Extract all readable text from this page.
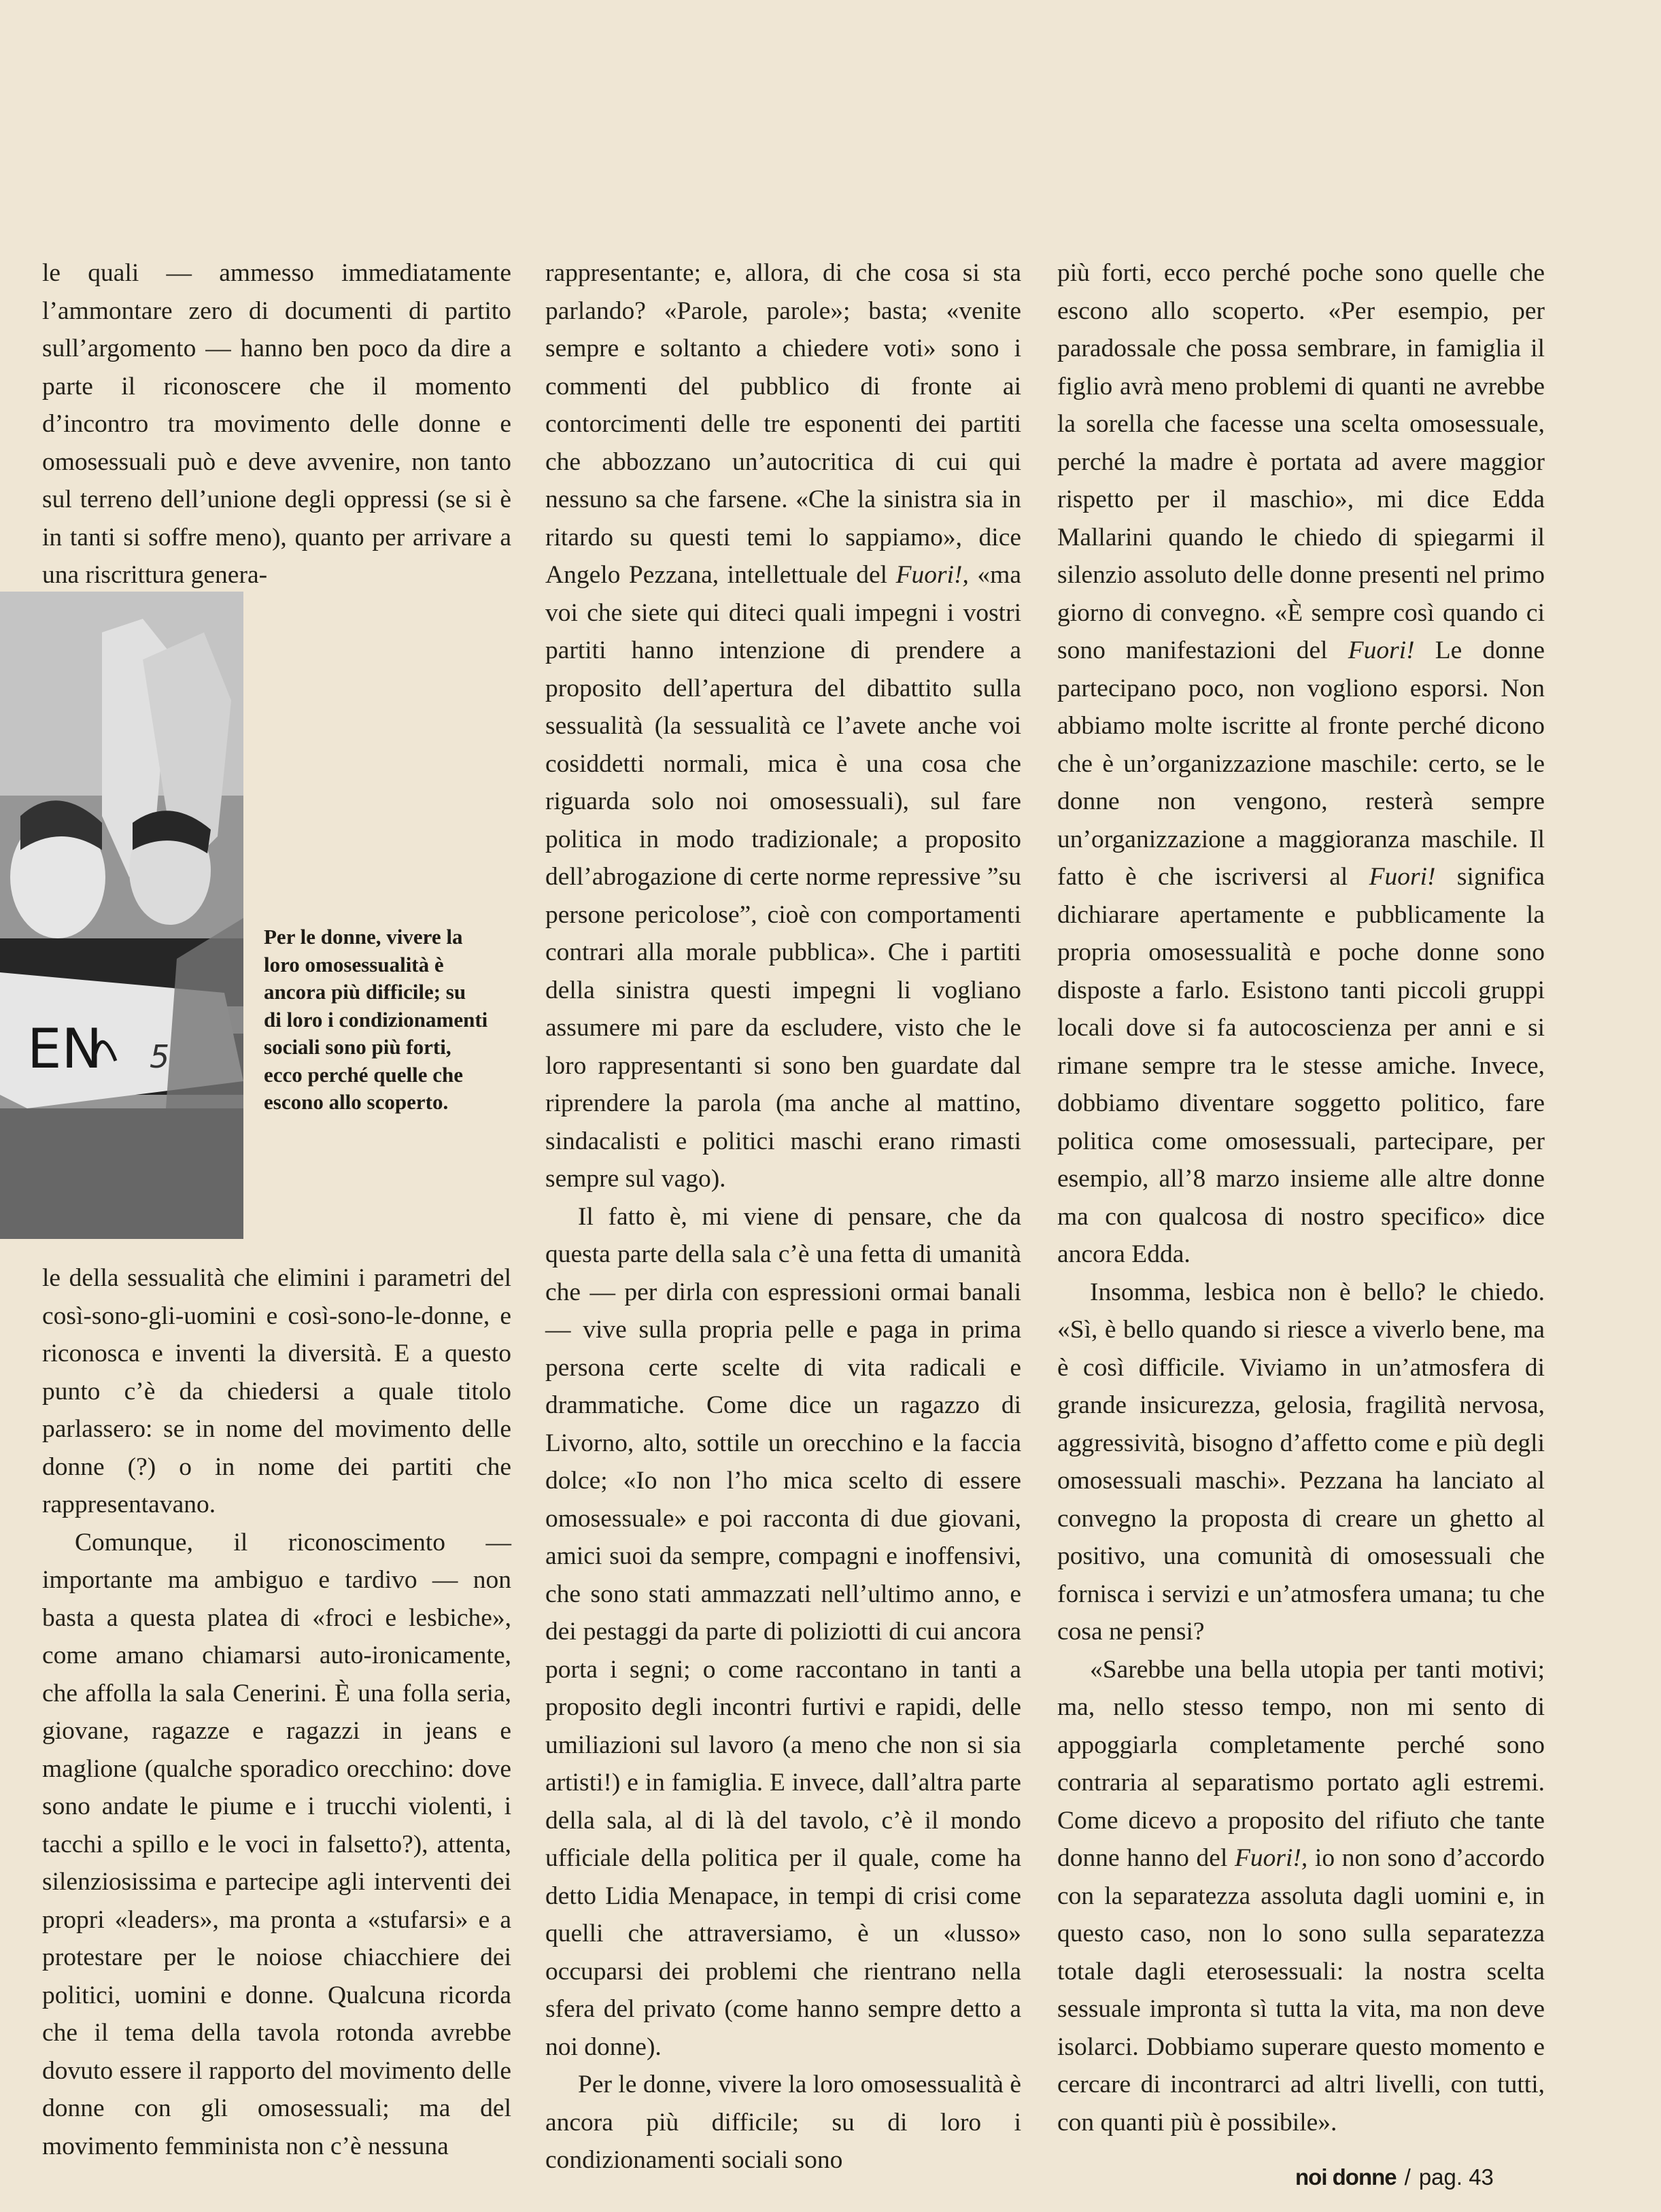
le quali — ammesso immediatamente l’ammontare zero di documenti di partito sull’argomento — hanno ben poco da dire a parte il riconoscere che il momento d’incontro tra movimento delle donne e omosessuali può e deve avvenire, non tanto sul terreno dell’unione degli oppressi (se si è in tanti si soffre meno), quanto per arrivare a una riscrittura genera-

EN 5
Per le donne, vivere la loro omosessualità è ancora più difficile; su di loro i condizionamenti sociali sono più forti, ecco perché quelle che escono allo scoperto.

le della sessualità che elimini i parametri del così-sono-gli-uomini e così-sono-le-donne, e riconosca e inventi la diversità. E a questo punto c’è da chiedersi a quale titolo parlassero: se in nome del movimento delle donne (?) o in nome dei partiti che rappresentavano.

Comunque, il riconoscimento — importante ma ambiguo e tardivo — non basta a questa platea di «froci e lesbiche», come amano chiamarsi auto-ironicamente, che affolla la sala Cenerini. È una folla seria, giovane, ragazze e ragazzi in jeans e maglione (qualche sporadico orecchino: dove sono andate le piume e i trucchi violenti, i tacchi a spillo e le voci in falsetto?), attenta, silenziosissima e partecipe agli interventi dei propri «leaders», ma pronta a «stufarsi» e a protestare per le noiose chiacchiere dei politici, uomini e donne. Qualcuna ricorda che il tema della tavola rotonda avrebbe dovuto essere il rapporto del movimento delle donne con gli omosessuali; ma del movimento femminista non c’è nessuna

rappresentante; e, allora, di che cosa si sta parlando? «Parole, parole»; basta; «venite sempre e soltanto a chiedere voti» sono i commenti del pubblico di fronte ai contorcimenti delle tre esponenti dei partiti che abbozzano un’autocritica di cui qui nessuno sa che farsene. «Che la sinistra sia in ritardo su questi temi lo sappiamo», dice Angelo Pezzana, intellettuale del Fuori!, «ma voi che siete qui diteci quali impegni i vostri partiti hanno intenzione di prendere a proposito dell’apertura del dibattito sulla sessualità (la sessualità ce l’avete anche voi cosiddetti normali, mica è una cosa che riguarda solo noi omosessuali), sul fare politica in modo tradizionale; a proposito dell’abrogazione di certe norme repressive ”su persone pericolose”, cioè con comportamenti contrari alla morale pubblica». Che i partiti della sinistra questi impegni li vogliano assumere mi pare da escludere, visto che le loro rappresentanti si sono ben guardate dal riprendere la parola (ma anche al mattino, sindacalisti e politici maschi erano rimasti sempre sul vago).

Il fatto è, mi viene di pensare, che da questa parte della sala c’è una fetta di umanità che — per dirla con espressioni ormai banali — vive sulla propria pelle e paga in prima persona certe scelte di vita radicali e drammatiche. Come dice un ragazzo di Livorno, alto, sottile un orecchino e la faccia dolce; «Io non l’ho mica scelto di essere omosessuale» e poi racconta di due giovani, amici suoi da sempre, compagni e inoffensivi, che sono stati ammazzati nell’ultimo anno, e dei pestaggi da parte di poliziotti di cui ancora porta i segni; o come raccontano in tanti a proposito degli incontri furtivi e rapidi, delle umiliazioni sul lavoro (a meno che non si sia artisti!) e in famiglia. E invece, dall’altra parte della sala, al di là del tavolo, c’è il mondo ufficiale della politica per il quale, come ha detto Lidia Menapace, in tempi di crisi come quelli che attraversiamo, è un «lusso» occuparsi dei problemi che rientrano nella sfera del privato (come hanno sempre detto a noi donne).

Per le donne, vivere la loro omosessualità è ancora più difficile; su di loro i condizionamenti sociali sono

più forti, ecco perché poche sono quelle che escono allo scoperto. «Per esempio, per paradossale che possa sembrare, in famiglia il figlio avrà meno problemi di quanti ne avrebbe la sorella che facesse una scelta omosessuale, perché la madre è portata ad avere maggior rispetto per il maschio», mi dice Edda Mallarini quando le chiedo di spiegarmi il silenzio assoluto delle donne presenti nel primo giorno di convegno. «È sempre così quando ci sono manifestazioni del Fuori! Le donne partecipano poco, non vogliono esporsi. Non abbiamo molte iscritte al fronte perché dicono che è un’organizzazione maschile: certo, se le donne non vengono, resterà sempre un’organizzazione a maggioranza maschile. Il fatto è che iscriversi al Fuori! significa dichiarare apertamente e pubblicamente la propria omosessualità e poche donne sono disposte a farlo. Esistono tanti piccoli gruppi locali dove si fa autocoscienza per anni e si rimane sempre tra le stesse amiche. Invece, dobbiamo diventare soggetto politico, fare politica come omosessuali, partecipare, per esempio, all’8 marzo insieme alle altre donne ma con qualcosa di nostro specifico» dice ancora Edda.

Insomma, lesbica non è bello? le chiedo. «Sì, è bello quando si riesce a viverlo bene, ma è così difficile. Viviamo in un’atmosfera di grande insicurezza, gelosia, fragilità nervosa, aggressività, bisogno d’affetto come e più degli omosessuali maschi». Pezzana ha lanciato al convegno la proposta di creare un ghetto al positivo, una comunità di omosessuali che fornisca i servizi e un’atmosfera umana; tu che cosa ne pensi?

«Sarebbe una bella utopia per tanti motivi; ma, nello stesso tempo, non mi sento di appoggiarla completamente perché sono contraria al separatismo portato agli estremi. Come dicevo a proposito del rifiuto che tante donne hanno del Fuori!, io non sono d’accordo con la separatezza assoluta dagli uomini e, in questo caso, non lo sono sulla separatezza totale dagli eterosessuali: la nostra scelta sessuale impronta sì tutta la vita, ma non deve isolarci. Dobbiamo superare questo momento e cercare di incontrarci ad altri livelli, con tutti, con quanti più è possibile».

noi donne / pag. 43
